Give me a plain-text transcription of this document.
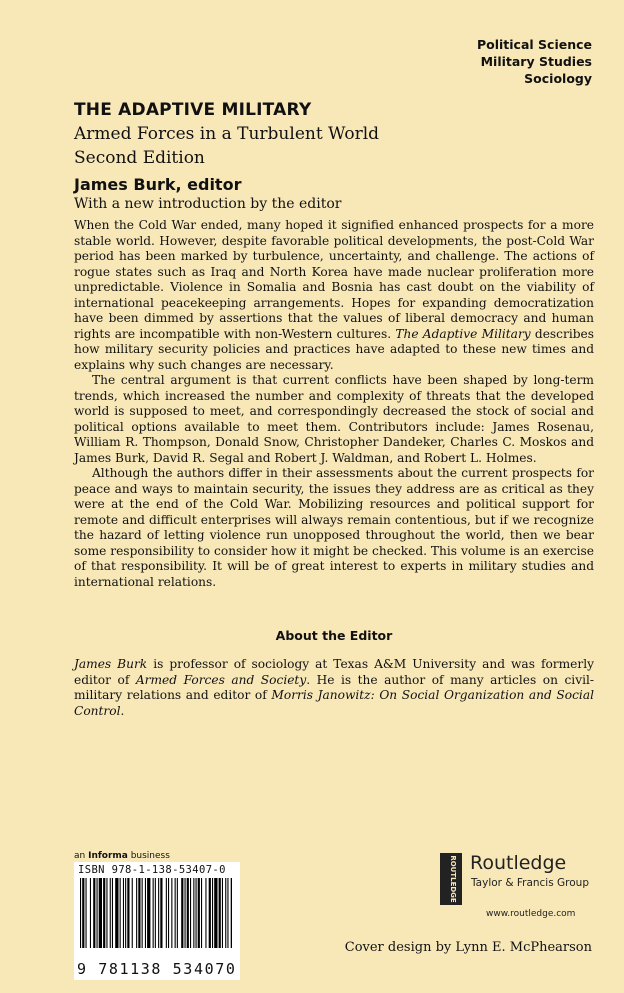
Political Science
Military Studies
Sociology
THE ADAPTIVE MILITARY
Armed Forces in a Turbulent World
Second Edition
James Burk, editor
With a new introduction by the editor

When the Cold War ended, many hoped it signified enhanced prospects for a more stable world. However, despite favorable political developments, the post-Cold War period has been marked by turbulence, uncertainty, and challenge. The actions of rogue states such as Iraq and North Korea have made nuclear proliferation more unpredictable. Violence in Somalia and Bosnia has cast doubt on the viability of international peacekeeping arrangements. Hopes for expanding democratization have been dimmed by assertions that the values of liberal democracy and human rights are incompatible with non-Western cultures. The Adaptive Military describes how military security policies and practices have adapted to these new times and explains why such changes are necessary.

The central argument is that current conflicts have been shaped by long-term trends, which increased the number and complexity of threats that the developed world is supposed to meet, and correspondingly decreased the stock of social and political options available to meet them. Contributors include: James Rosenau, William R. Thompson, Donald Snow, Christopher Dandeker, Charles C. Moskos and James Burk, David R. Segal and Robert J. Waldman, and Robert L. Holmes.

Although the authors differ in their assessments about the current prospects for peace and ways to maintain security, the issues they address are as critical as they were at the end of the Cold War. Mobilizing resources and political support for remote and difficult enterprises will always remain contentious, but if we recognize the hazard of letting violence run unopposed throughout the world, then we bear some responsibility to consider how it might be checked. This volume is an exercise of that responsibility. It will be of great interest to experts in military studies and international relations.

About the Editor
James Burk is professor of sociology at Texas A&M University and was formerly editor of Armed Forces and Society. He is the author of many articles on civil-military relations and editor of Morris Janowitz: On Social Organization and Social Control.
an Informa business
ISBN 978-1-138-53407-0
9 781138 534070
ROUTLEDGE Routledge
Taylor & Francis Group
www.routledge.com
Cover design by Lynn E. McPhearson
